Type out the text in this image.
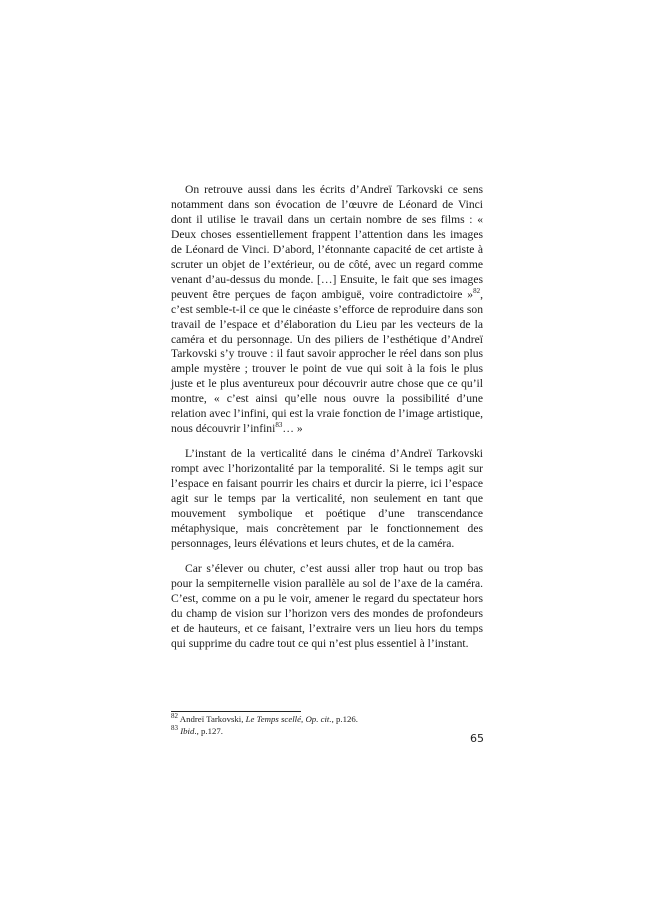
On retrouve aussi dans les écrits d’Andreï Tarkovski ce sens notamment dans son évocation de l’œuvre de Léonard de Vinci dont il utilise le travail dans un certain nombre de ses films : « Deux choses essentiellement frappent l’attention dans les images de Léonard de Vinci. D’abord, l’étonnante capacité de cet artiste à scruter un objet de l’extérieur, ou de côté, avec un regard comme venant d’au-dessus du monde. […] Ensuite, le fait que ses images peuvent être perçues de façon ambiguë, voire contradictoire »$^{82}$, c’est semble-t-il ce que le cinéaste s’efforce de reproduire dans son travail de l’espace et d’élaboration du Lieu par les vecteurs de la caméra et du personnage. Un des piliers de l’esthétique d’Andreï Tarkovski s’y trouve : il faut savoir approcher le réel dans son plus ample mystère ; trouver le point de vue qui soit à la fois le plus juste et le plus aventureux pour découvrir autre chose que ce qu’il montre, « c’est ainsi qu’elle nous ouvre la possibilité d’une relation avec l’infini, qui est la vraie fonction de l’image artistique, nous découvrir l’infini$^{83}$… »

L’instant de la verticalité dans le cinéma d’Andreï Tarkovski rompt avec l’horizontalité par la temporalité. Si le temps agit sur l’espace en faisant pourrir les chairs et durcir la pierre, ici l’espace agit sur le temps par la verticalité, non seulement en tant que mouvement symbolique et poétique d’une transcendance métaphysique, mais concrètement par le fonctionnement des personnages, leurs élévations et leurs chutes, et de la caméra.

Car s’élever ou chuter, c’est aussi aller trop haut ou trop bas pour la sempiternelle vision parallèle au sol de l’axe de la caméra. C’est, comme on a pu le voir, amener le regard du spectateur hors du champ de vision sur l’horizon vers des mondes de profondeurs et de hauteurs, et ce faisant, l’extraire vers un lieu hors du temps qui supprime du cadre tout ce qui n’est plus essentiel à l’instant.

$^{82}$ Andreï Tarkovski, Le Temps scellé, Op. cit., p.126.

$^{83}$ Ibid., p.127.

65
